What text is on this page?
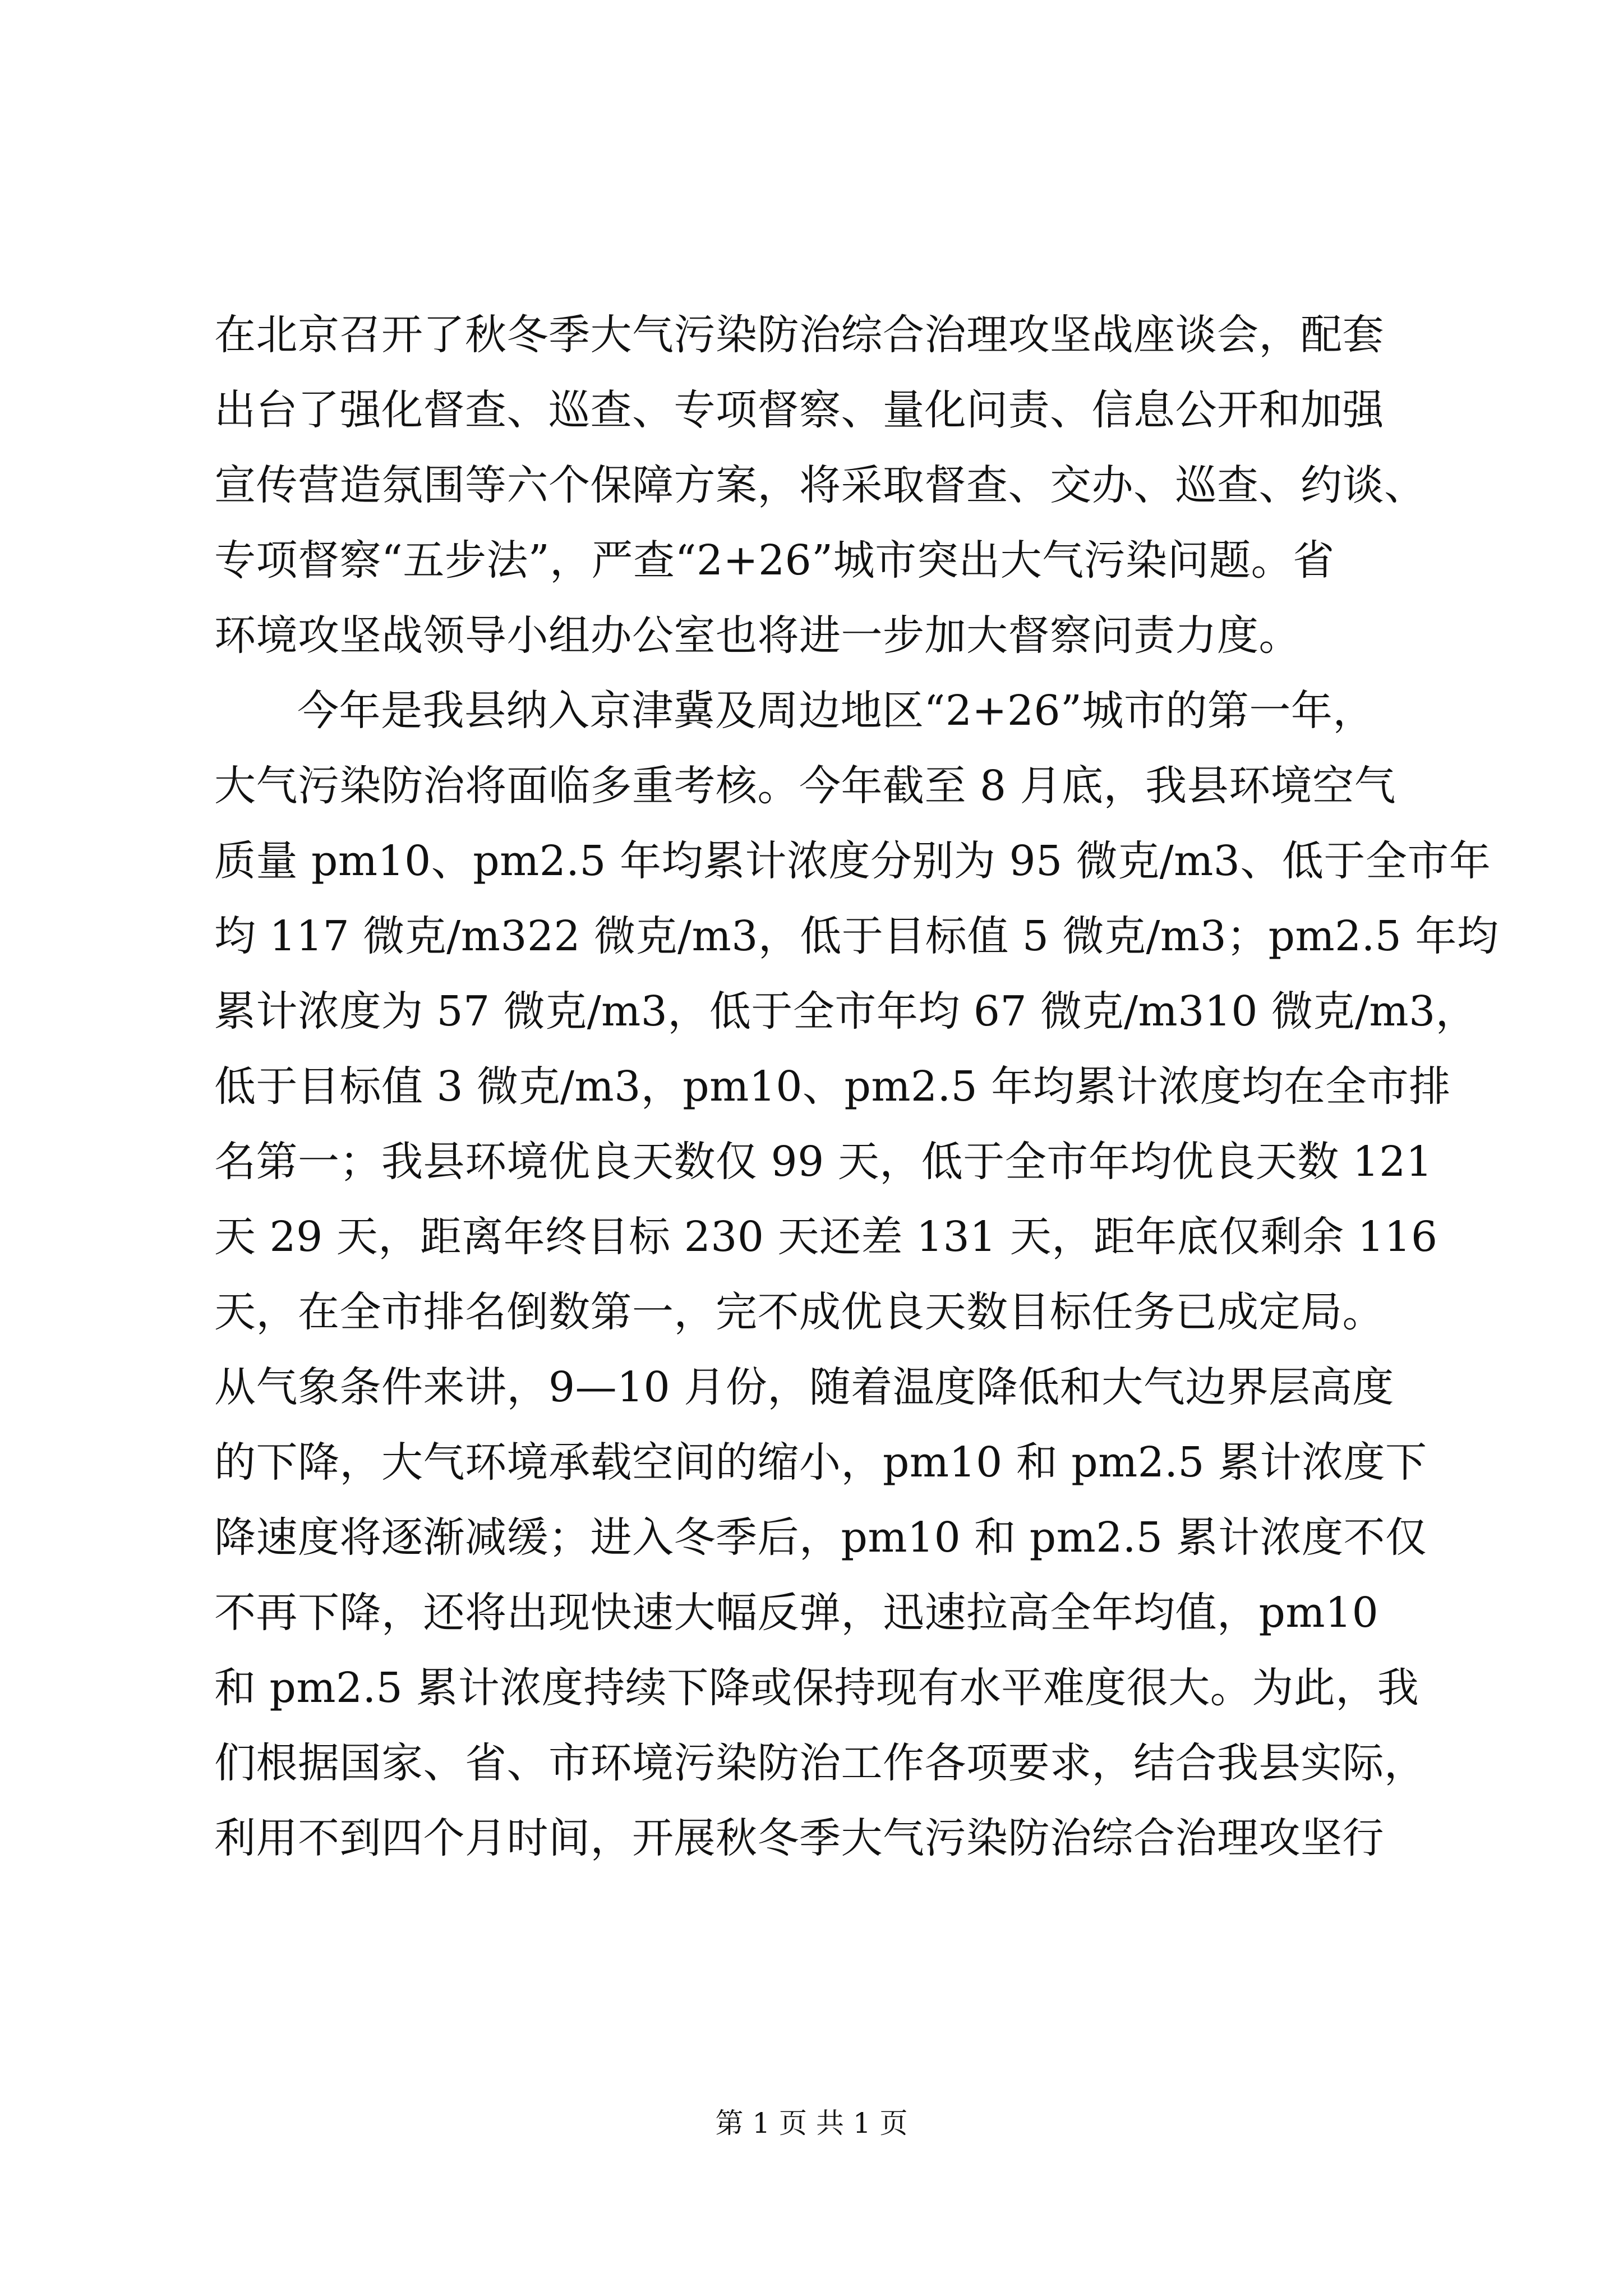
在北京召开了秋冬季大气污染防治综合治理攻坚战座谈会，配套
出台了强化督查、巡查、专项督察、量化问责、信息公开和加强
宣传营造氛围等六个保障方案，将采取督查、交办、巡查、约谈、
专项督察“五步法”，严查“2+26”城市突出大气污染问题。省
环境攻坚战领导小组办公室也将进一步加大督察问责力度。
今年是我县纳入京津冀及周边地区“2+26”城市的第一年，
大气污染防治将面临多重考核。今年截至 8 月底，我县环境空气
质量 pm10、pm2.5 年均累计浓度分别为 95 微克/m3、低于全市年
均 117 微克/m322 微克/m3，低于目标值 5 微克/m3；pm2.5 年均
累计浓度为 57 微克/m3，低于全市年均 67 微克/m310 微克/m3，
低于目标值 3 微克/m3，pm10、pm2.5 年均累计浓度均在全市排
名第一；我县环境优良天数仅 99 天，低于全市年均优良天数 121
天 29 天，距离年终目标 230 天还差 131 天，距年底仅剩余 116
天，在全市排名倒数第一，完不成优良天数目标任务已成定局。
从气象条件来讲，9—10 月份，随着温度降低和大气边界层高度
的下降，大气环境承载空间的缩小，pm10 和 pm2.5 累计浓度下
降速度将逐渐减缓；进入冬季后，pm10 和 pm2.5 累计浓度不仅
不再下降，还将出现快速大幅反弹，迅速拉高全年均值，pm10
和 pm2.5 累计浓度持续下降或保持现有水平难度很大。为此，我
们根据国家、省、市环境污染防治工作各项要求，结合我县实际，
利用不到四个月时间，开展秋冬季大气污染防治综合治理攻坚行
第 1 页 共 1 页
